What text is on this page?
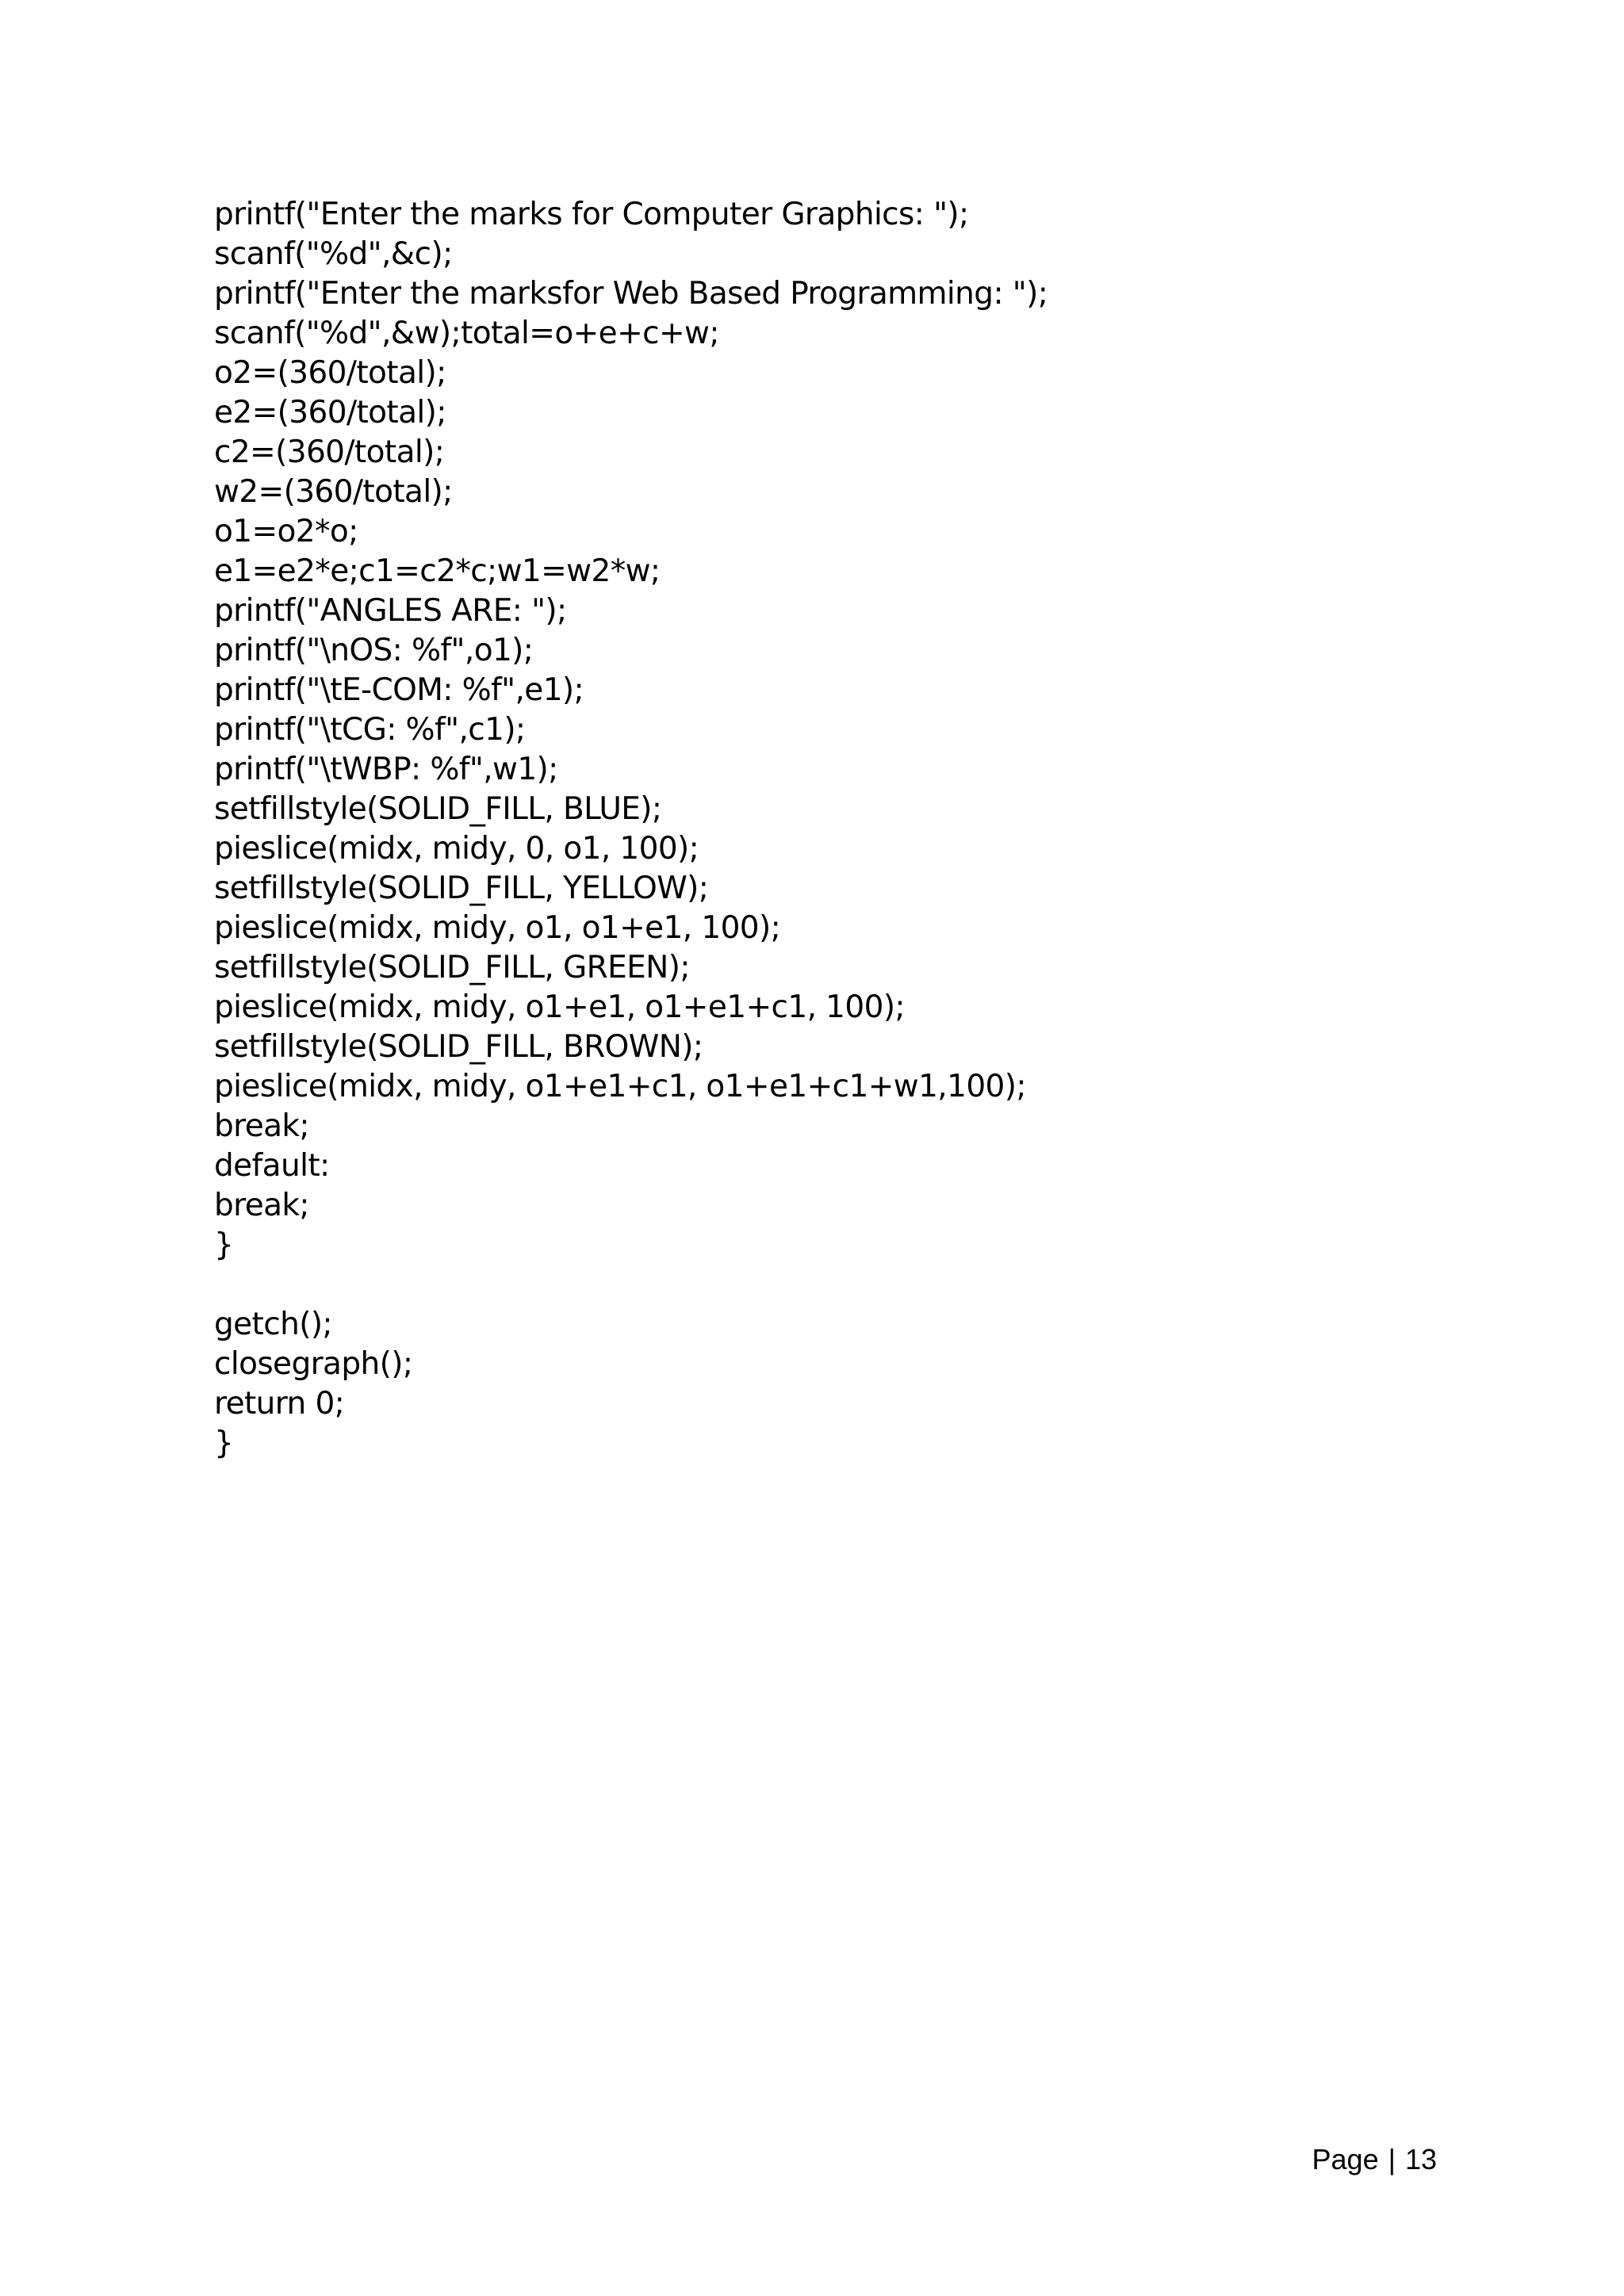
printf("Enter the marks for Computer Graphics: ");
scanf("%d",&c);
printf("Enter the marksfor Web Based Programming: ");
scanf("%d",&w);total=o+e+c+w;
o2=(360/total);
e2=(360/total);
c2=(360/total);
w2=(360/total);
o1=o2*o;
e1=e2*e;c1=c2*c;w1=w2*w;
printf("ANGLES ARE: ");
printf("\nOS: %f",o1);
printf("\tE-COM: %f",e1);
printf("\tCG: %f",c1);
printf("\tWBP: %f",w1);
setfillstyle(SOLID_FILL, BLUE);
pieslice(midx, midy, 0, o1, 100);
setfillstyle(SOLID_FILL, YELLOW);
pieslice(midx, midy, o1, o1+e1, 100);
setfillstyle(SOLID_FILL, GREEN);
pieslice(midx, midy, o1+e1, o1+e1+c1, 100);
setfillstyle(SOLID_FILL, BROWN);
pieslice(midx, midy, o1+e1+c1, o1+e1+c1+w1,100);
break;
default:
break;
}
getch();
closegraph();
return 0;
}
Page | 13
